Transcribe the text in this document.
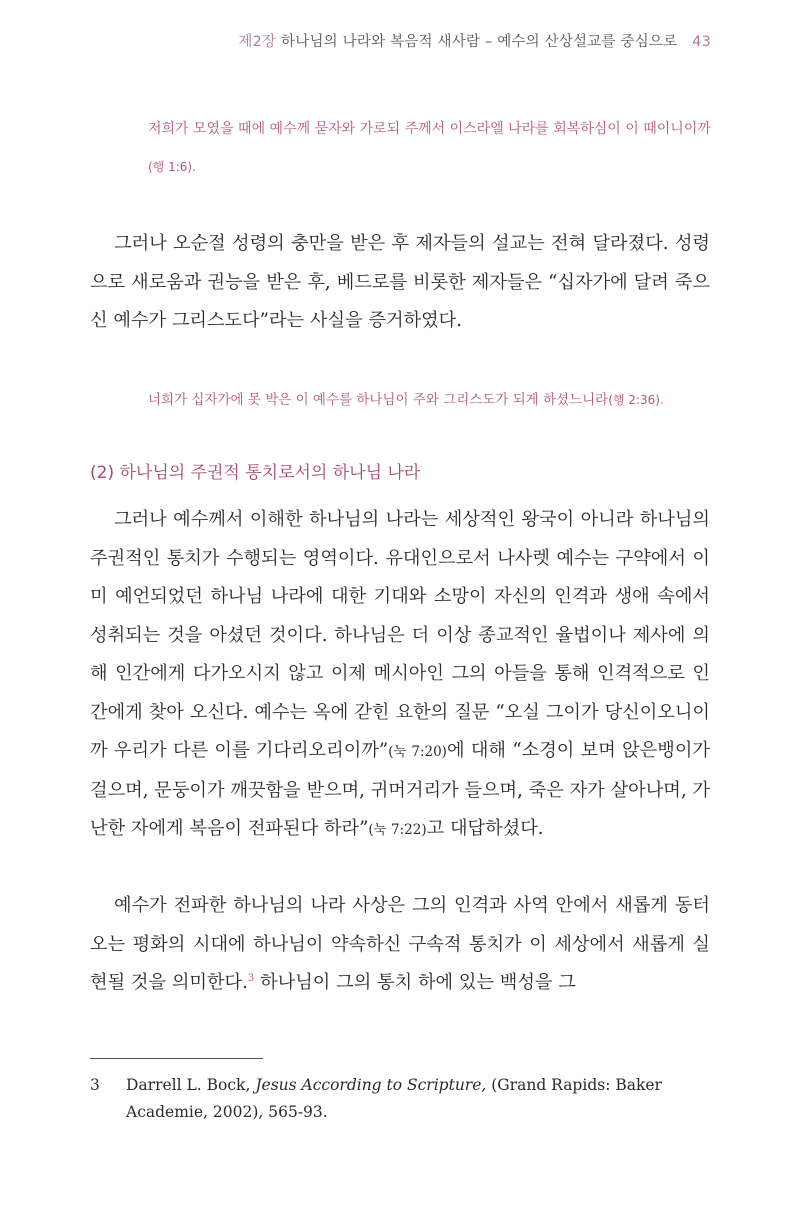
제2장 하나님의 나라와 복음적 새사람 – 예수의 산상설교를 중심으로 43

저희가 모였을 때에 예수께 묻자와 가로되 주께서 이스라엘 나라를 회복하심이 이 때이니이까(행 1:6).

그러나 오순절 성령의 충만을 받은 후 제자들의 설교는 전혀 달라졌다. 성령으로 새로움과 권능을 받은 후, 베드로를 비롯한 제자들은 “십자가에 달려 죽으신 예수가 그리스도다”라는 사실을 증거하였다.

너희가 십자가에 못 박은 이 예수를 하나님이 주와 그리스도가 되게 하셨느니라(행 2:36).

(2) 하나님의 주권적 통치로서의 하나님 나라

그러나 예수께서 이해한 하나님의 나라는 세상적인 왕국이 아니라 하나님의 주권적인 통치가 수행되는 영역이다. 유대인으로서 나사렛 예수는 구약에서 이미 예언되었던 하나님 나라에 대한 기대와 소망이 자신의 인격과 생애 속에서 성취되는 것을 아셨던 것이다. 하나님은 더 이상 종교적인 율법이나 제사에 의해 인간에게 다가오시지 않고 이제 메시아인 그의 아들을 통해 인격적으로 인간에게 찾아 오신다. 예수는 옥에 갇힌 요한의 질문 “오실 그이가 당신이오니이까 우리가 다른 이를 기다리오리이까”(눅 7:20)에 대해 “소경이 보며 앉은뱅이가 걸으며, 문둥이가 깨끗함을 받으며, 귀머거리가 들으며, 죽은 자가 살아나며, 가난한 자에게 복음이 전파된다 하라”(눅 7:22)고 대답하셨다.

예수가 전파한 하나님의 나라 사상은 그의 인격과 사역 안에서 새롭게 동터오는 평화의 시대에 하나님이 약속하신 구속적 통치가 이 세상에서 새롭게 실현될 것을 의미한다.$^3$ 하나님이 그의 통치 하에 있는 백성을 그

3 Darrell L. Bock, Jesus According to Scripture, (Grand Rapids: Baker Academie, 2002), 565-93.
